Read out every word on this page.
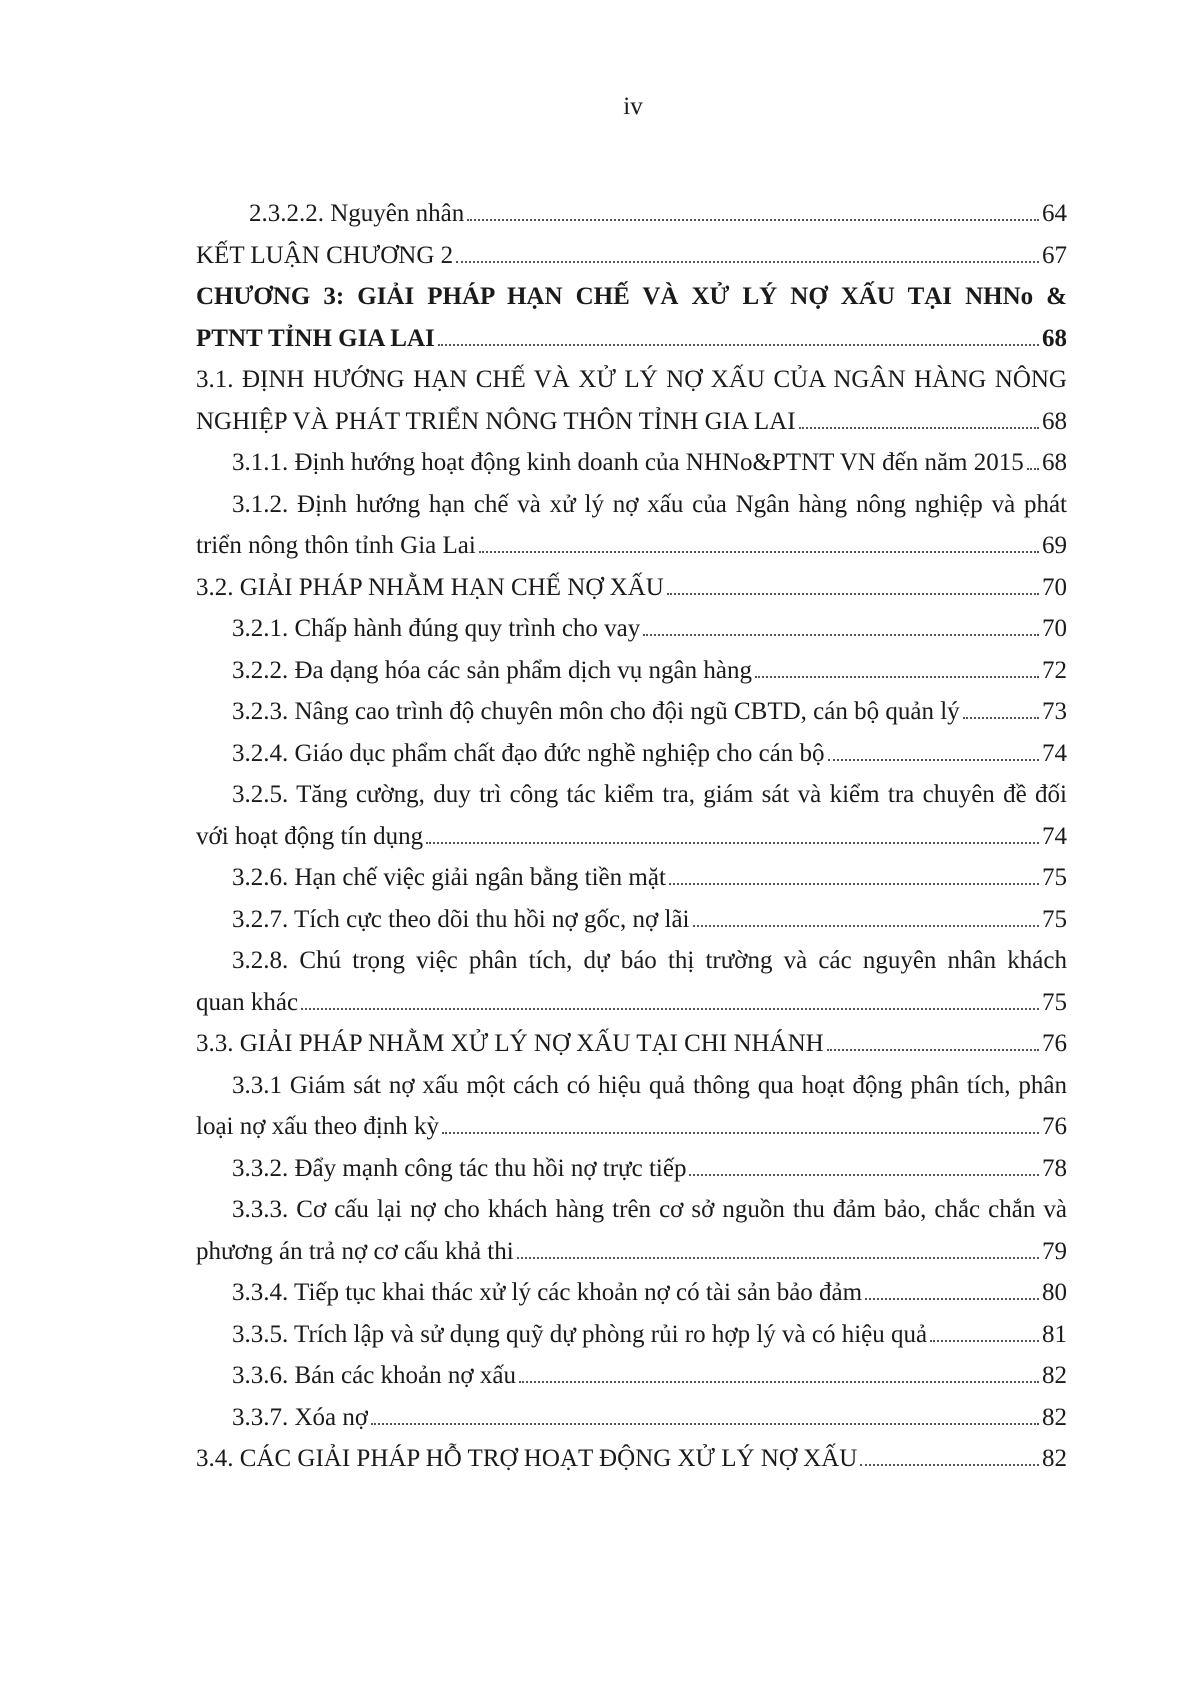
iv
2.3.2.2. Nguyên nhân	64
KẾT LUẬN CHƯƠNG 2	67
CHƯƠNG 3: GIẢI PHÁP HẠN CHẾ VÀ XỬ LÝ NỢ XẤU TẠI NHNo &
PTNT TỈNH GIA LAI	68
3.1. ĐỊNH HƯỚNG HẠN CHẾ VÀ XỬ LÝ NỢ XẤU CỦA NGÂN HÀNG NÔNG
NGHIỆP VÀ PHÁT TRIỂN NÔNG THÔN TỈNH GIA LAI	68
3.1.1. Định hướng hoạt động kinh doanh của NHNo&PTNT VN đến năm 2015 68
3.1.2. Định hướng hạn chế và xử lý nợ xấu của Ngân hàng nông nghiệp và phát
triển nông thôn tỉnh Gia Lai	69
3.2. GIẢI PHÁP NHẰM HẠN CHẾ NỢ XẤU	70
3.2.1. Chấp hành đúng quy trình cho vay	70
3.2.2. Đa dạng hóa các sản phẩm dịch vụ ngân hàng	72
3.2.3. Nâng cao trình độ chuyên môn cho đội ngũ CBTD, cán bộ quản lý	73
3.2.4. Giáo dục phẩm chất đạo đức nghề nghiệp cho cán bộ	74
3.2.5. Tăng cường, duy trì công tác kiểm tra, giám sát và kiểm tra chuyên đề đối
với hoạt động tín dụng	74
3.2.6. Hạn chế việc giải ngân bằng tiền mặt	75
3.2.7. Tích cực theo dõi thu hồi nợ gốc, nợ lãi	75
3.2.8. Chú trọng việc phân tích, dự báo thị trường và các nguyên nhân khách
quan khác	75
3.3. GIẢI PHÁP NHẰM XỬ LÝ NỢ XẤU TẠI CHI NHÁNH	76
3.3.1 Giám sát nợ xấu một cách có hiệu quả thông qua hoạt động phân tích, phân
loại nợ xấu theo định kỳ	76
3.3.2. Đẩy mạnh công tác thu hồi nợ trực tiếp	78
3.3.3. Cơ cấu lại nợ cho khách hàng trên cơ sở nguồn thu đảm bảo, chắc chắn và
phương án trả nợ cơ cấu khả thi	79
3.3.4. Tiếp tục khai thác xử lý các khoản nợ có tài sản bảo đảm	80
3.3.5. Trích lập và sử dụng quỹ dự phòng rủi ro hợp lý và có hiệu quả	81
3.3.6. Bán các khoản nợ xấu	82
3.3.7. Xóa nợ	82
3.4. CÁC GIẢI PHÁP HỖ TRỢ HOẠT ĐỘNG XỬ LÝ NỢ XẤU	82
